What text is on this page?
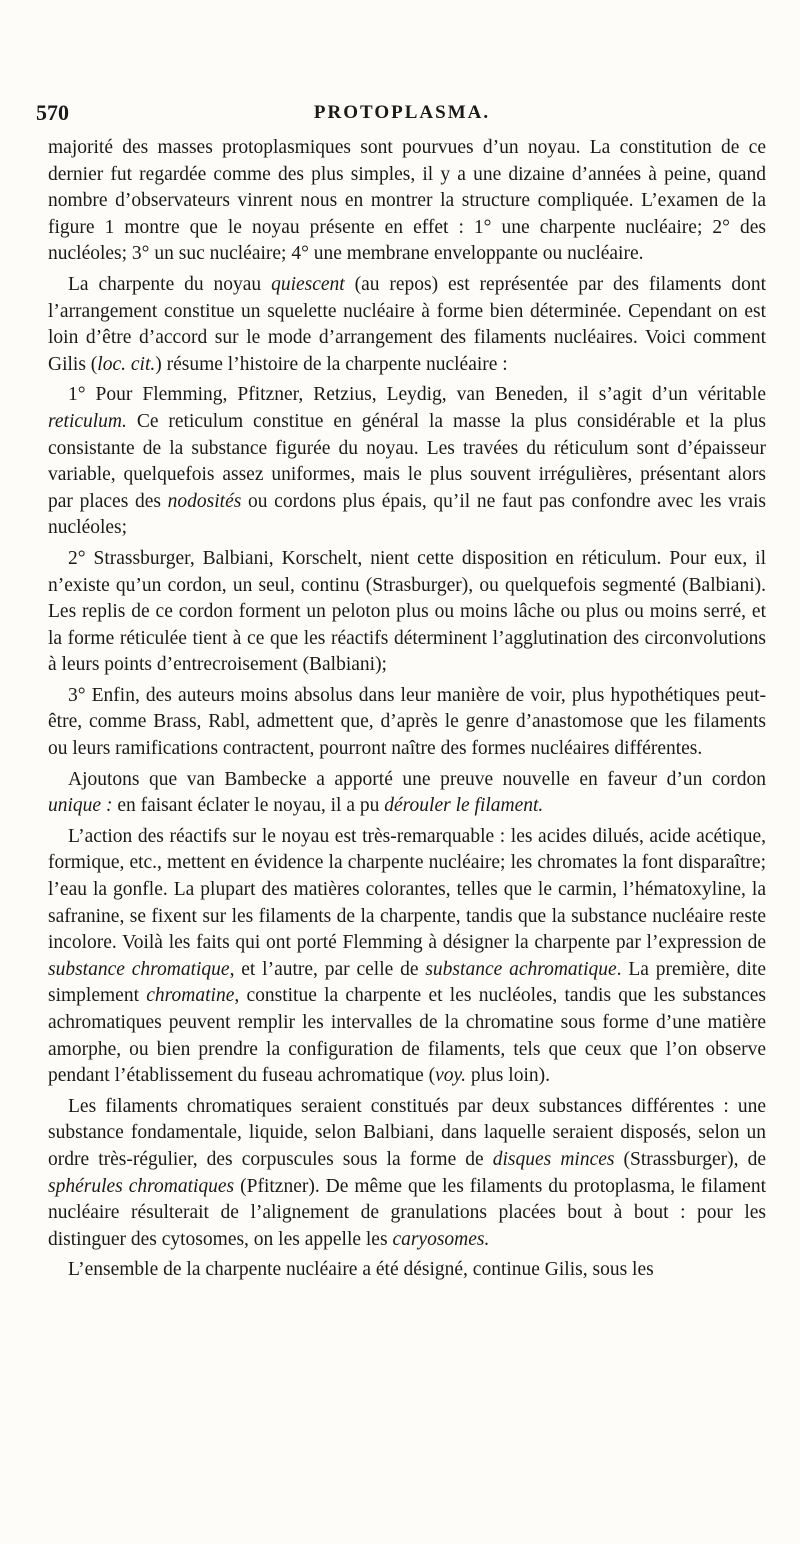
570	PROTOPLASMA.

majorité des masses protoplasmiques sont pourvues d’un noyau. La constitution de ce dernier fut regardée comme des plus simples, il y a une dizaine d’années à peine, quand nombre d’observateurs vinrent nous en montrer la structure compliquée. L’examen de la figure 1 montre que le noyau présente en effet : 1° une charpente nucléaire; 2° des nucléoles; 3° un suc nucléaire; 4° une membrane enveloppante ou nucléaire.

La charpente du noyau quiescent (au repos) est représentée par des filaments dont l’arrangement constitue un squelette nucléaire à forme bien déterminée. Cependant on est loin d’être d’accord sur le mode d’arrangement des filaments nucléaires. Voici comment Gilis (loc. cit.) résume l’histoire de la charpente nucléaire :

1° Pour Flemming, Pfitzner, Retzius, Leydig, van Beneden, il s’agit d’un véritable reticulum. Ce reticulum constitue en général la masse la plus considérable et la plus consistante de la substance figurée du noyau. Les travées du réticulum sont d’épaisseur variable, quelquefois assez uniformes, mais le plus souvent irrégulières, présentant alors par places des nodosités ou cordons plus épais, qu’il ne faut pas confondre avec les vrais nucléoles;

2° Strassburger, Balbiani, Korschelt, nient cette disposition en réticulum. Pour eux, il n’existe qu’un cordon, un seul, continu (Strasburger), ou quelquefois segmenté (Balbiani). Les replis de ce cordon forment un peloton plus ou moins lâche ou plus ou moins serré, et la forme réticulée tient à ce que les réactifs déterminent l’agglutination des circonvolutions à leurs points d’entrecroisement (Balbiani);

3° Enfin, des auteurs moins absolus dans leur manière de voir, plus hypothétiques peut-être, comme Brass, Rabl, admettent que, d’après le genre d’anastomose que les filaments ou leurs ramifications contractent, pourront naître des formes nucléaires différentes.

Ajoutons que van Bambecke a apporté une preuve nouvelle en faveur d’un cordon unique : en faisant éclater le noyau, il a pu dérouler le filament.

L’action des réactifs sur le noyau est très-remarquable : les acides dilués, acide acétique, formique, etc., mettent en évidence la charpente nucléaire; les chromates la font disparaître; l’eau la gonfle. La plupart des matières colorantes, telles que le carmin, l’hématoxyline, la safranine, se fixent sur les filaments de la charpente, tandis que la substance nucléaire reste incolore. Voilà les faits qui ont porté Flemming à désigner la charpente par l’expression de substance chromatique, et l’autre, par celle de substance achromatique. La première, dite simplement chromatine, constitue la charpente et les nucléoles, tandis que les substances achromatiques peuvent remplir les intervalles de la chromatine sous forme d’une matière amorphe, ou bien prendre la configuration de filaments, tels que ceux que l’on observe pendant l’établissement du fuseau achromatique (voy. plus loin).

Les filaments chromatiques seraient constitués par deux substances différentes : une substance fondamentale, liquide, selon Balbiani, dans laquelle seraient disposés, selon un ordre très-régulier, des corpuscules sous la forme de disques minces (Strassburger), de sphérules chromatiques (Pfitzner). De même que les filaments du protoplasma, le filament nucléaire résulterait de l’alignement de granulations placées bout à bout : pour les distinguer des cytosomes, on les appelle les caryosomes.

L’ensemble de la charpente nucléaire a été désigné, continue Gilis, sous les
